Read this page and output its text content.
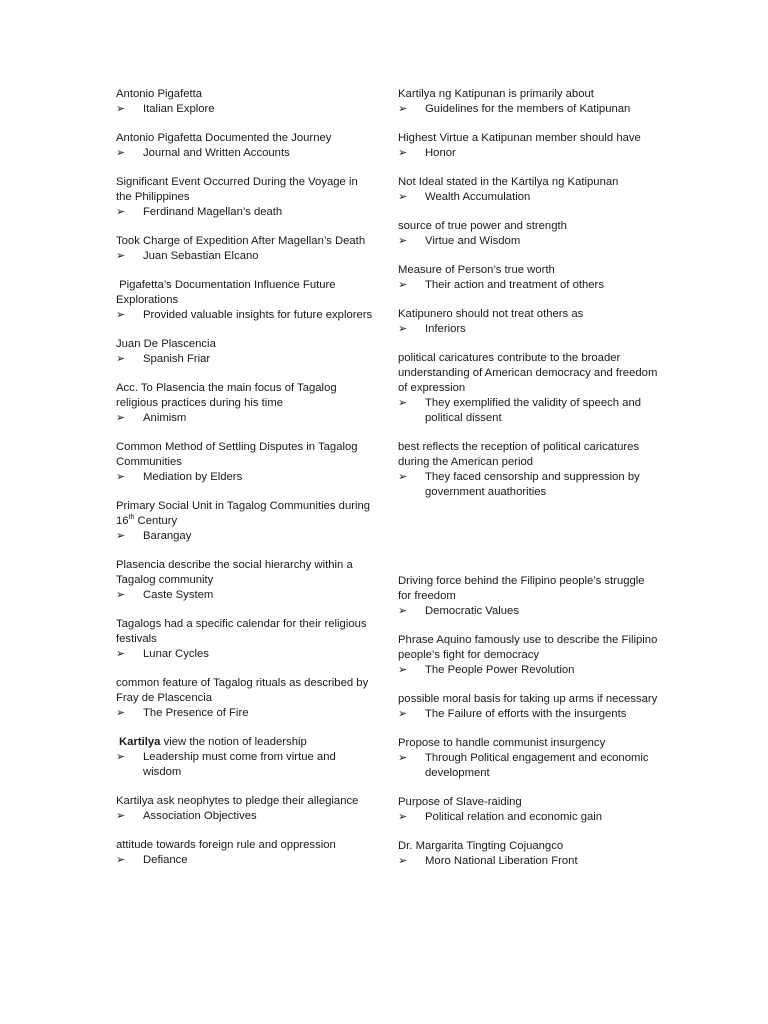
Antonio Pigafetta

➢ Italian Explore

Antonio Pigafetta Documented the Journey

➢ Journal and Written Accounts

Significant Event Occurred During the Voyage in the Philippines

➢ Ferdinand Magellan’s death

Took Charge of Expedition After Magellan’s Death

➢ Juan Sebastian Elcano

Pigafetta’s Documentation Influence Future Explorations

➢ Provided valuable insights for future explorers

Juan De Plascencia

➢ Spanish Friar

Acc. To Plasencia the main focus of Tagalog religious practices during his time

➢ Animism

Common Method of Settling Disputes in Tagalog Communities

➢ Mediation by Elders

Primary Social Unit in Tagalog Communities during 16th Century

➢ Barangay

Plasencia describe the social hierarchy within a Tagalog community

➢ Caste System

Tagalogs had a specific calendar for their religious festivals

➢ Lunar Cycles

common feature of Tagalog rituals as described by Fray de Plascencia

➢ The Presence of Fire

Kartilya view the notion of leadership

➢ Leadership must come from virtue and wisdom

Kartilya ask neophytes to pledge their allegiance

➢ Association Objectives

attitude towards foreign rule and oppression

➢ Defiance

Kartilya ng Katipunan is primarily about

➢ Guidelines for the members of Katipunan

Highest Virtue a Katipunan member should have

➢ Honor

Not Ideal stated in the Kartilya ng Katipunan

➢ Wealth Accumulation

source of true power and strength

➢ Virtue and Wisdom

Measure of Person’s true worth

➢ Their action and treatment of others

Katipunero should not treat others as

➢ Inferiors

political caricatures contribute to the broader understanding of American democracy and freedom of expression

➢ They exemplified the validity of speech and political dissent

best reflects the reception of political caricatures during the American period

➢ They faced censorship and suppression by government auathorities

Driving force behind the Filipino people’s struggle for freedom

➢ Democratic Values

Phrase Aquino famously use to describe the Filipino people’s fight for democracy

➢ The People Power Revolution

possible moral basis for taking up arms if necessary

➢ The Failure of efforts with the insurgents

Propose to handle communist insurgency

➢ Through Political engagement and economic development

Purpose of Slave-raiding

➢ Political relation and economic gain

Dr. Margarita Tingting Cojuangco

➢ Moro National Liberation Front
